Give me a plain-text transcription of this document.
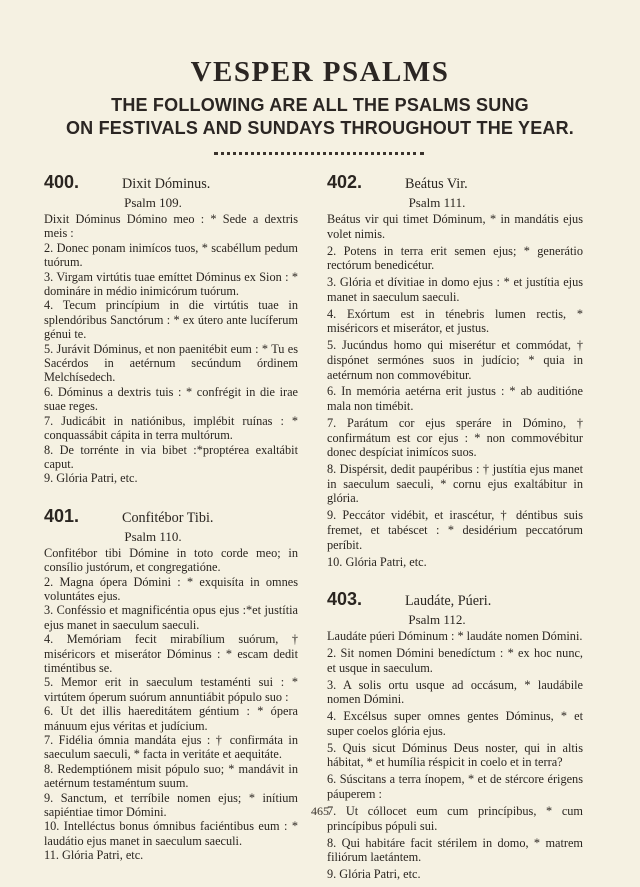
VESPER PSALMS
THE FOLLOWING ARE ALL THE PSALMS SUNG
ON FESTIVALS AND SUNDAYS THROUGHOUT THE YEAR.
400.	Dixit Dóminus.
Psalm 109.
Dixit Dóminus Dómino meo : * Sede a dextris meis :
2. Donec ponam inimícos tuos, * scabéllum pedum tuórum.
3. Virgam virtútis tuae emíttet Dóminus ex Sion : * domináre in médio inimicórum tuórum.
4. Tecum princípium in die virtútis tuae in splendóribus Sanctórum : * ex útero ante lucíferum génui te.
5. Jurávit Dóminus, et non paenitébit eum : * Tu es Sacérdos in aetérnum secúndum órdinem Melchísedech.
6. Dóminus a dextris tuis : * confrégit in die irae suae reges.
7. Judicábit in natiónibus, implébit ruínas : * conquassábit cápita in terra multórum.
8. De torrénte in via bibet :*proptérea exaltábit caput.
9. Glória Patri, etc.
401.	Confitébor Tibi.
Psalm 110.
Confitébor tibi Dómine in toto corde meo; in consílio justórum, et congregatióne.
2. Magna ópera Dómini : * exquisíta in omnes voluntátes ejus.
3. Conféssio et magnificéntia opus ejus :*et justítia ejus manet in saeculum saeculi.
4. Memóriam fecit mirabílium suórum, † miséricors et miserátor Dóminus : * escam dedit timéntibus se.
5. Memor erit in saeculum testaménti sui : * virtútem óperum suórum annuntiábit pópulo suo :
6. Ut det illis haereditátem géntium : * ópera mánuum ejus véritas et judícium.
7. Fidélia ómnia mandáta ejus : † confirmáta in saeculum saeculi, * facta in veritáte et aequitáte.
8. Redemptiónem misit pópulo suo; * mandávit in aetérnum testaméntum suum.
9. Sanctum, et terríbile nomen ejus; * inítium sapiéntiae timor Dómini.
10. Intelléctus bonus ómnibus faciéntibus eum : * laudátio ejus manet in saeculum saeculi.
11. Glória Patri, etc.
402.	Beátus Vir.
Psalm 111.
Beátus vir qui timet Dóminum, * in mandátis ejus volet nimis.
2. Potens in terra erit semen ejus; * generátio rectórum benedicétur.
3. Glória et dívitiae in domo ejus : * et justítia ejus manet in saeculum saeculi.
4. Exórtum est in ténebris lumen rectis, * miséricors et miserátor, et justus.
5. Jucúndus homo qui miserétur et commódat, † dispónet sermónes suos in judício; * quia in aetérnum non commovébitur.
6. In memória aetérna erit justus : * ab auditióne mala non timébit.
7. Parátum cor ejus speráre in Dómino, † confirmátum est cor ejus : * non commovébitur donec despíciat inimícos suos.
8. Dispérsit, dedit paupéribus : † justítia ejus manet in saeculum saeculi, * cornu ejus exaltábitur in glória.
9. Peccátor vidébit, et irascétur, † déntibus suis fremet, et tabéscet : * desidérium peccatórum períbit.
10. Glória Patri, etc.
403.	Laudáte, Púeri.
Psalm 112.
Laudáte púeri Dóminum : * laudáte nomen Dómini.
2. Sit nomen Dómini benedíctum : * ex hoc nunc, et usque in saeculum.
3. A solis ortu usque ad occásum, * laudábile nomen Dómini.
4. Excélsus super omnes gentes Dóminus, * et super coelos glória ejus.
5. Quis sicut Dóminus Deus noster, qui in altis hábitat, * et humília réspicit in coelo et in terra?
6. Súscitans a terra ínopem, * et de stércore érigens páuperem :
7. Ut cóllocet eum cum princípibus, * cum princípibus pópuli sui.
8. Qui habitáre facit stérilem in domo, * matrem filiórum laetántem.
9. Glória Patri, etc.
465
